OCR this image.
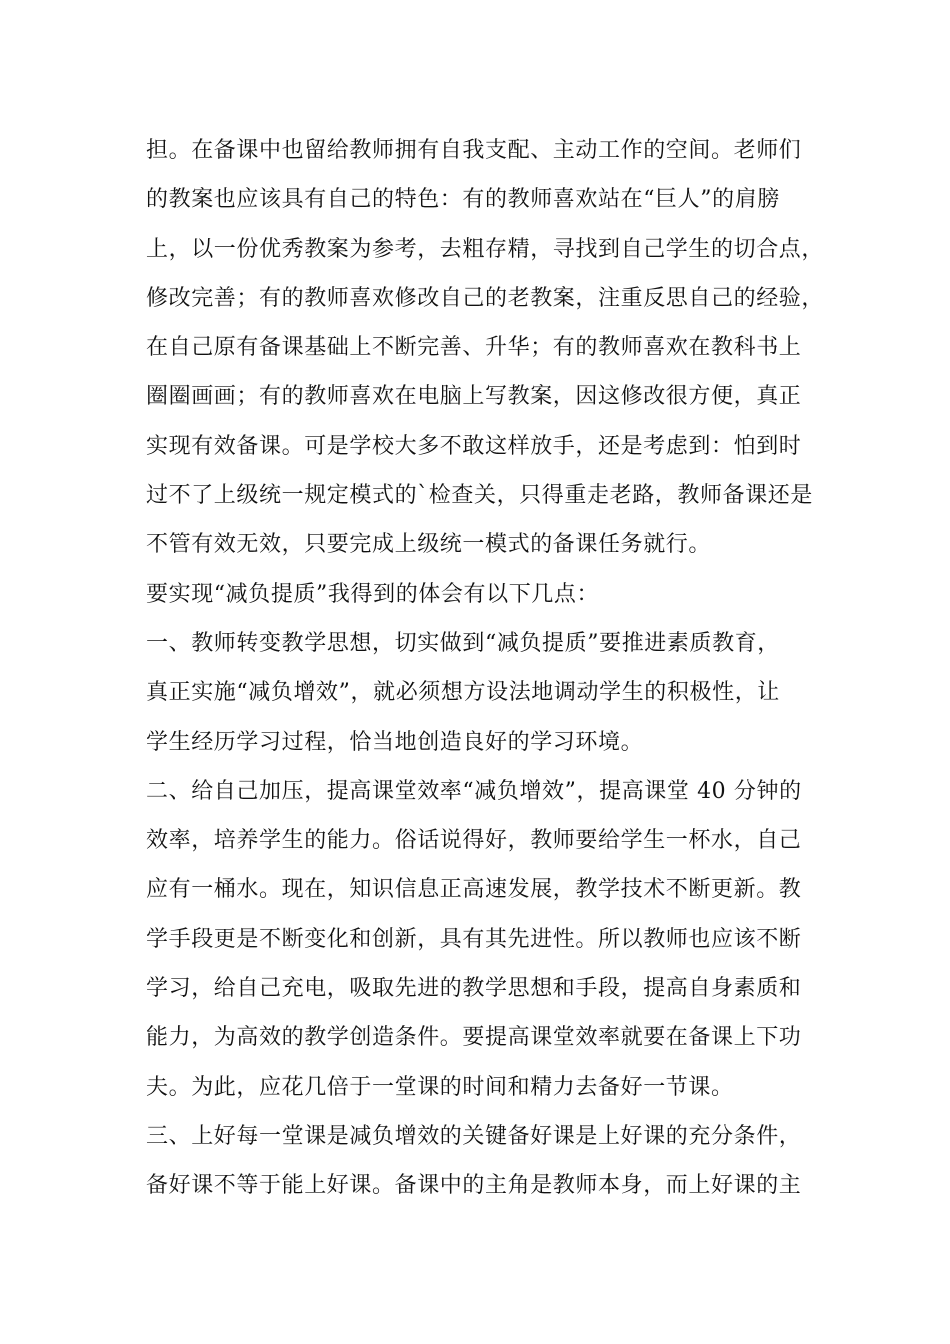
担。在备课中也留给教师拥有自我支配、主动工作的空间。老师们
的教案也应该具有自己的特色：有的教师喜欢站在“巨人”的肩膀
上，以一份优秀教案为参考，去粗存精，寻找到自己学生的切合点，
修改完善；有的教师喜欢修改自己的老教案，注重反思自己的经验，
在自己原有备课基础上不断完善、升华；有的教师喜欢在教科书上
圈圈画画；有的教师喜欢在电脑上写教案，因这修改很方便，真正
实现有效备课。可是学校大多不敢这样放手，还是考虑到：怕到时
过不了上级统一规定模式的`检查关，只得重走老路，教师备课还是
不管有效无效，只要完成上级统一模式的备课任务就行。
要实现“减负提质”我得到的体会有以下几点：
一、教师转变教学思想，切实做到“减负提质”要推进素质教育，
真正实施“减负增效”，就必须想方设法地调动学生的积极性，让
学生经历学习过程，恰当地创造良好的学习环境。
二、给自己加压，提高课堂效率“减负增效”，提高课堂 40 分钟的
效率，培养学生的能力。俗话说得好，教师要给学生一杯水，自己
应有一桶水。现在，知识信息正高速发展，教学技术不断更新。教
学手段更是不断变化和创新，具有其先进性。所以教师也应该不断
学习，给自己充电，吸取先进的教学思想和手段，提高自身素质和
能力，为高效的教学创造条件。要提高课堂效率就要在备课上下功
夫。为此，应花几倍于一堂课的时间和精力去备好一节课。
三、上好每一堂课是减负增效的关键备好课是上好课的充分条件，
备好课不等于能上好课。备课中的主角是教师本身，而上好课的主
